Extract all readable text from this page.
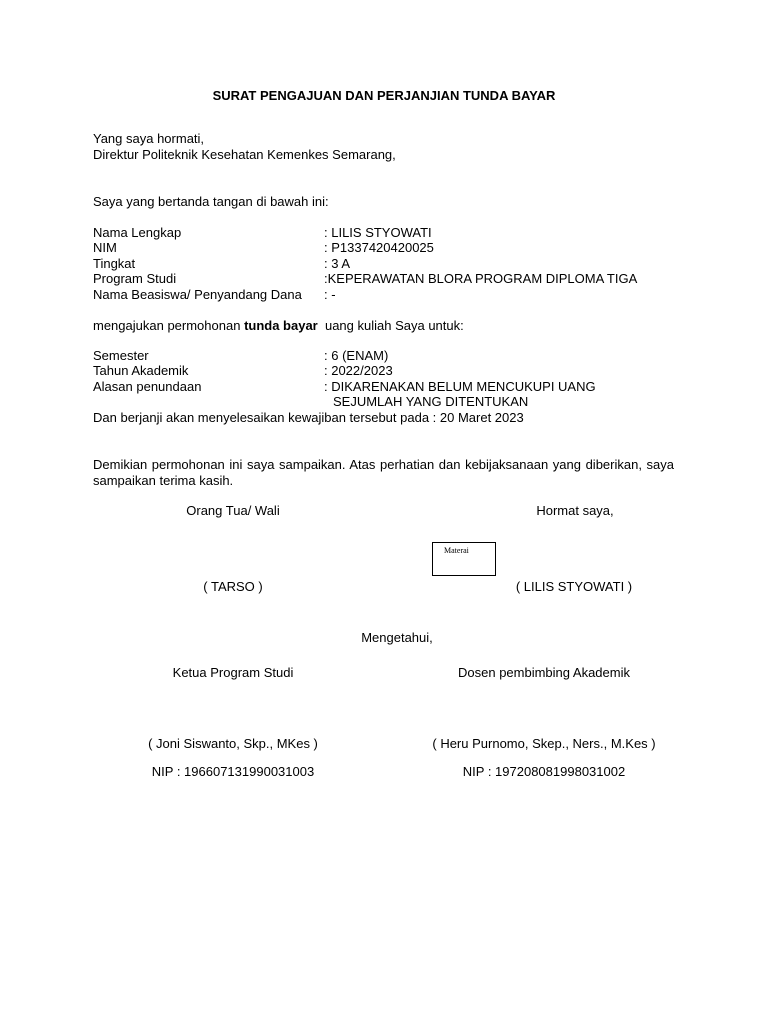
SURAT PENGAJUAN DAN PERJANJIAN TUNDA BAYAR
Yang saya hormati,
Direktur Politeknik Kesehatan Kemenkes Semarang,
Saya yang bertanda tangan di bawah ini:
Nama Lengkap	: LILIS STYOWATI
NIM	: P1337420420025
Tingkat	: 3 A
Program Studi	:KEPERAWATAN BLORA PROGRAM DIPLOMA TIGA
Nama Beasiswa/ Penyandang Dana : -
mengajukan permohonan tunda bayar  uang kuliah Saya untuk:
Semester	: 6 (ENAM)
Tahun Akademik	: 2022/2023
Alasan penundaan	: DIKARENAKAN BELUM MENCUKUPI UANG
SEJUMLAH YANG DITENTUKAN
Dan berjanji akan menyelesaikan kewajiban tersebut pada : 20 Maret 2023
Demikian permohonan ini saya sampaikan. Atas perhatian dan kebijaksanaan yang diberikan, saya sampaikan terima kasih.
Orang Tua/ Wali	Hormat saya,
Materai
( TARSO )	( LILIS STYOWATI )
Mengetahui,
Ketua Program Studi	Dosen pembimbing Akademik
( Joni Siswanto, Skp., MKes )	( Heru Purnomo, Skep., Ners., M.Kes )
NIP : 196607131990031003	NIP : 197208081998031002
